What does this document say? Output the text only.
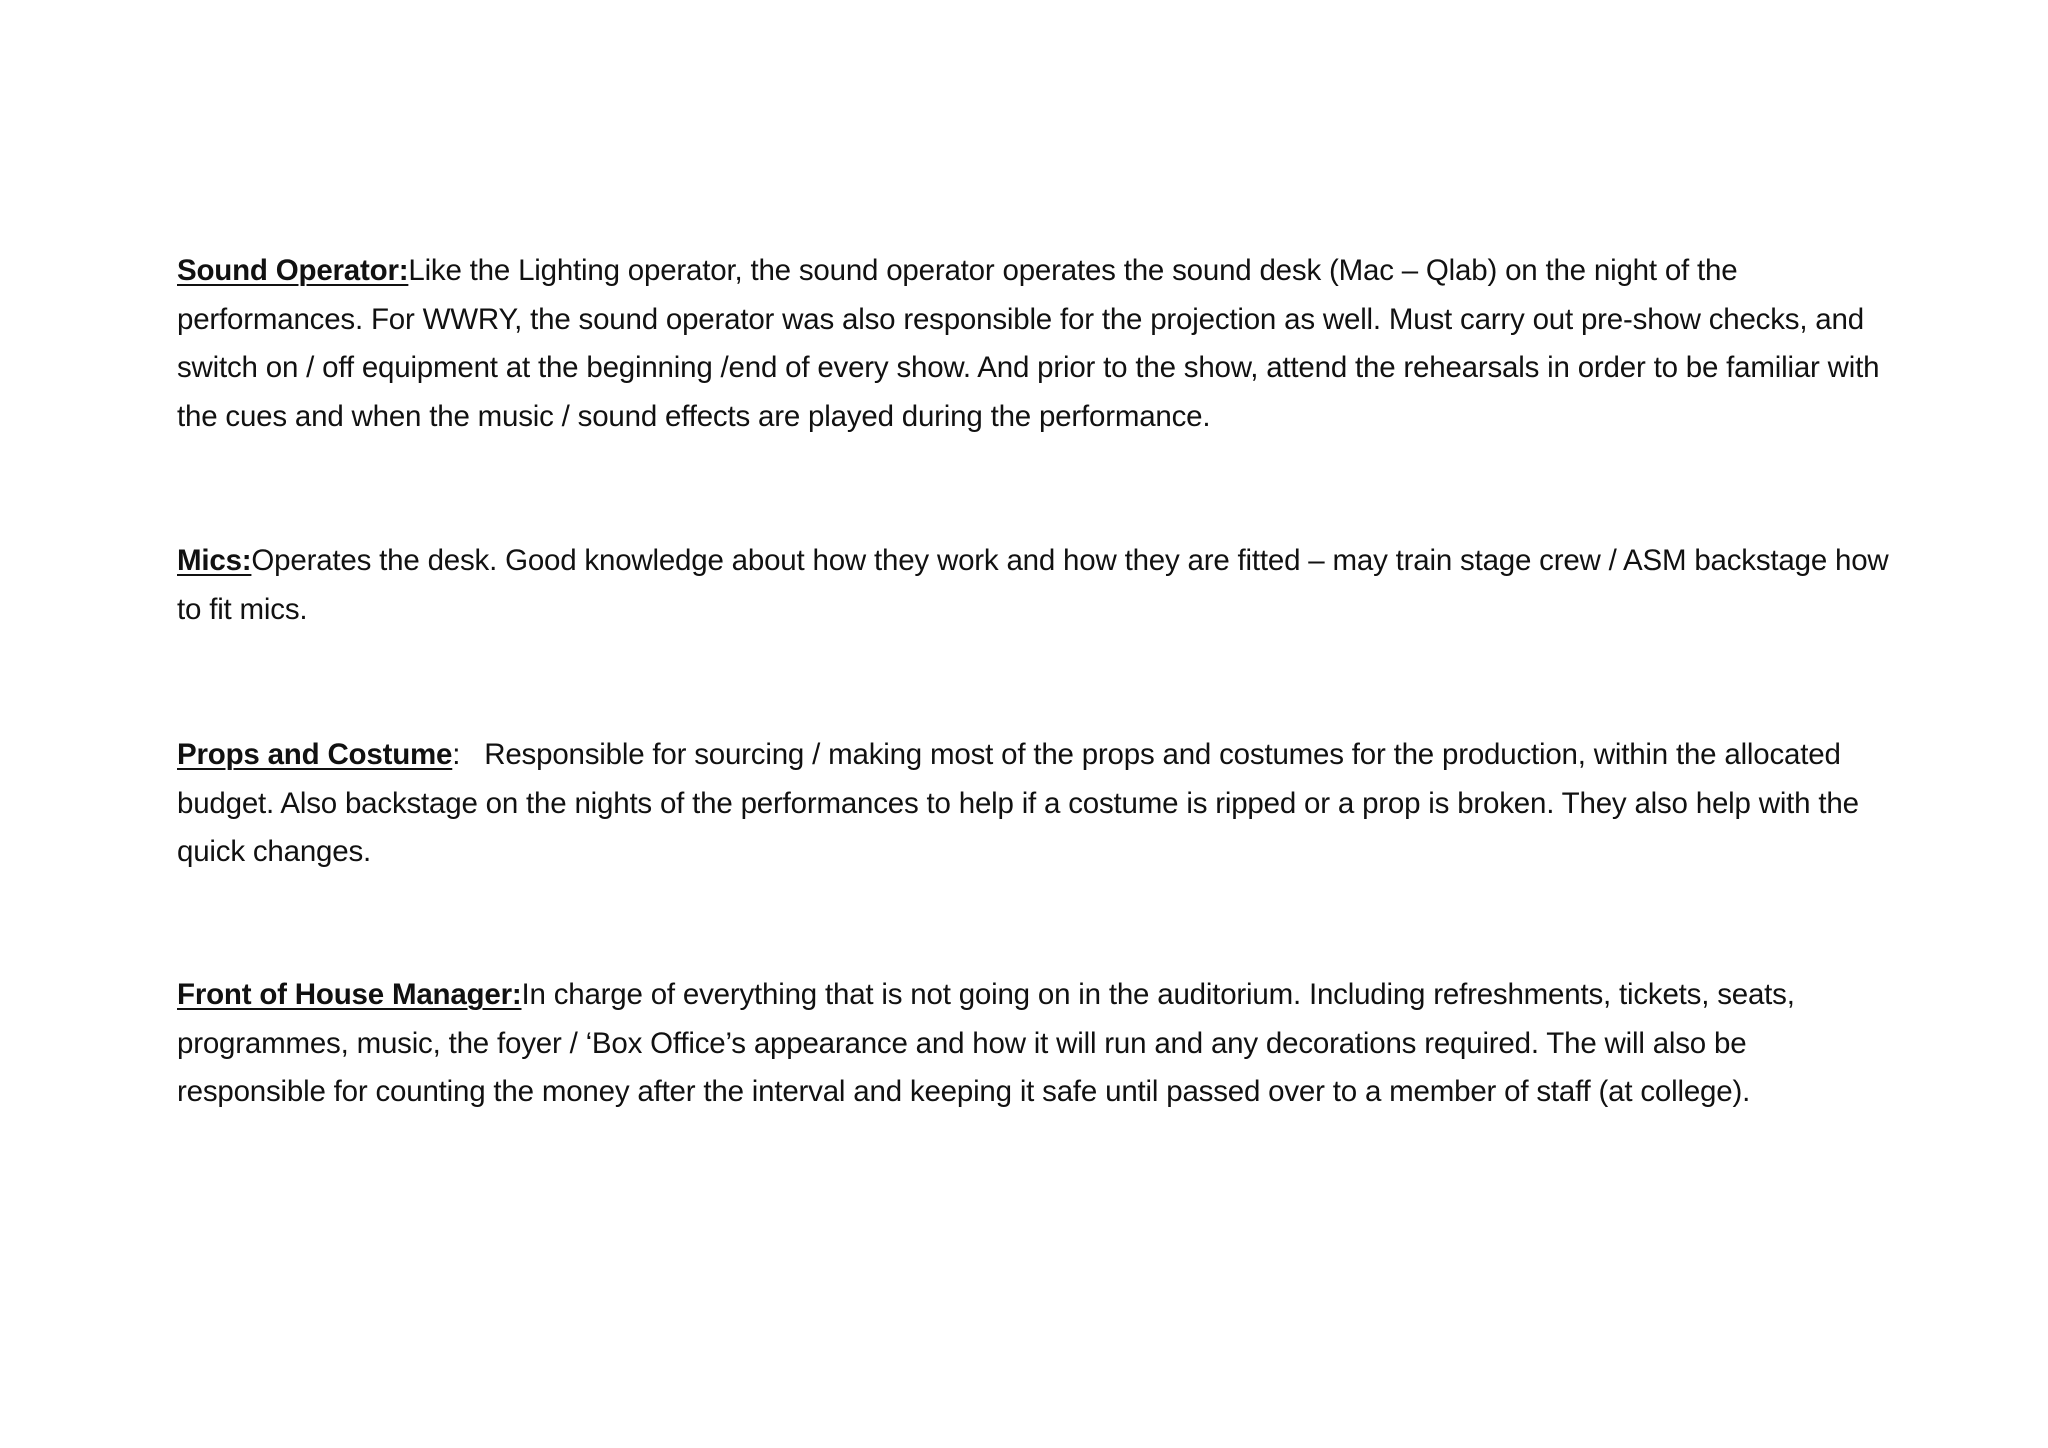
Sound Operator:Like the Lighting operator, the sound operator operates the sound desk (Mac – Qlab) on the night of the performances. For WWRY, the sound operator was also responsible for the projection as well. Must carry out pre-show checks, and switch on / off equipment at the beginning /end of every show. And prior to the show, attend the rehearsals in order to be familiar with the cues and when the music / sound effects are played during the performance.

Mics:Operates the desk. Good knowledge about how they work and how they are fitted – may train stage crew / ASM backstage how to fit mics.

Props and Costume:   Responsible for sourcing / making most of the props and costumes for the production, within the allocated budget. Also backstage on the nights of the performances to help if a costume is ripped or a prop is broken. They also help with the quick changes.

Front of House Manager:In charge of everything that is not going on in the auditorium. Including refreshments, tickets, seats, programmes, music, the foyer / ‘Box Office’s appearance and how it will run and any decorations required. The will also be responsible for counting the money after the interval and keeping it safe until passed over to a member of staff (at college).
